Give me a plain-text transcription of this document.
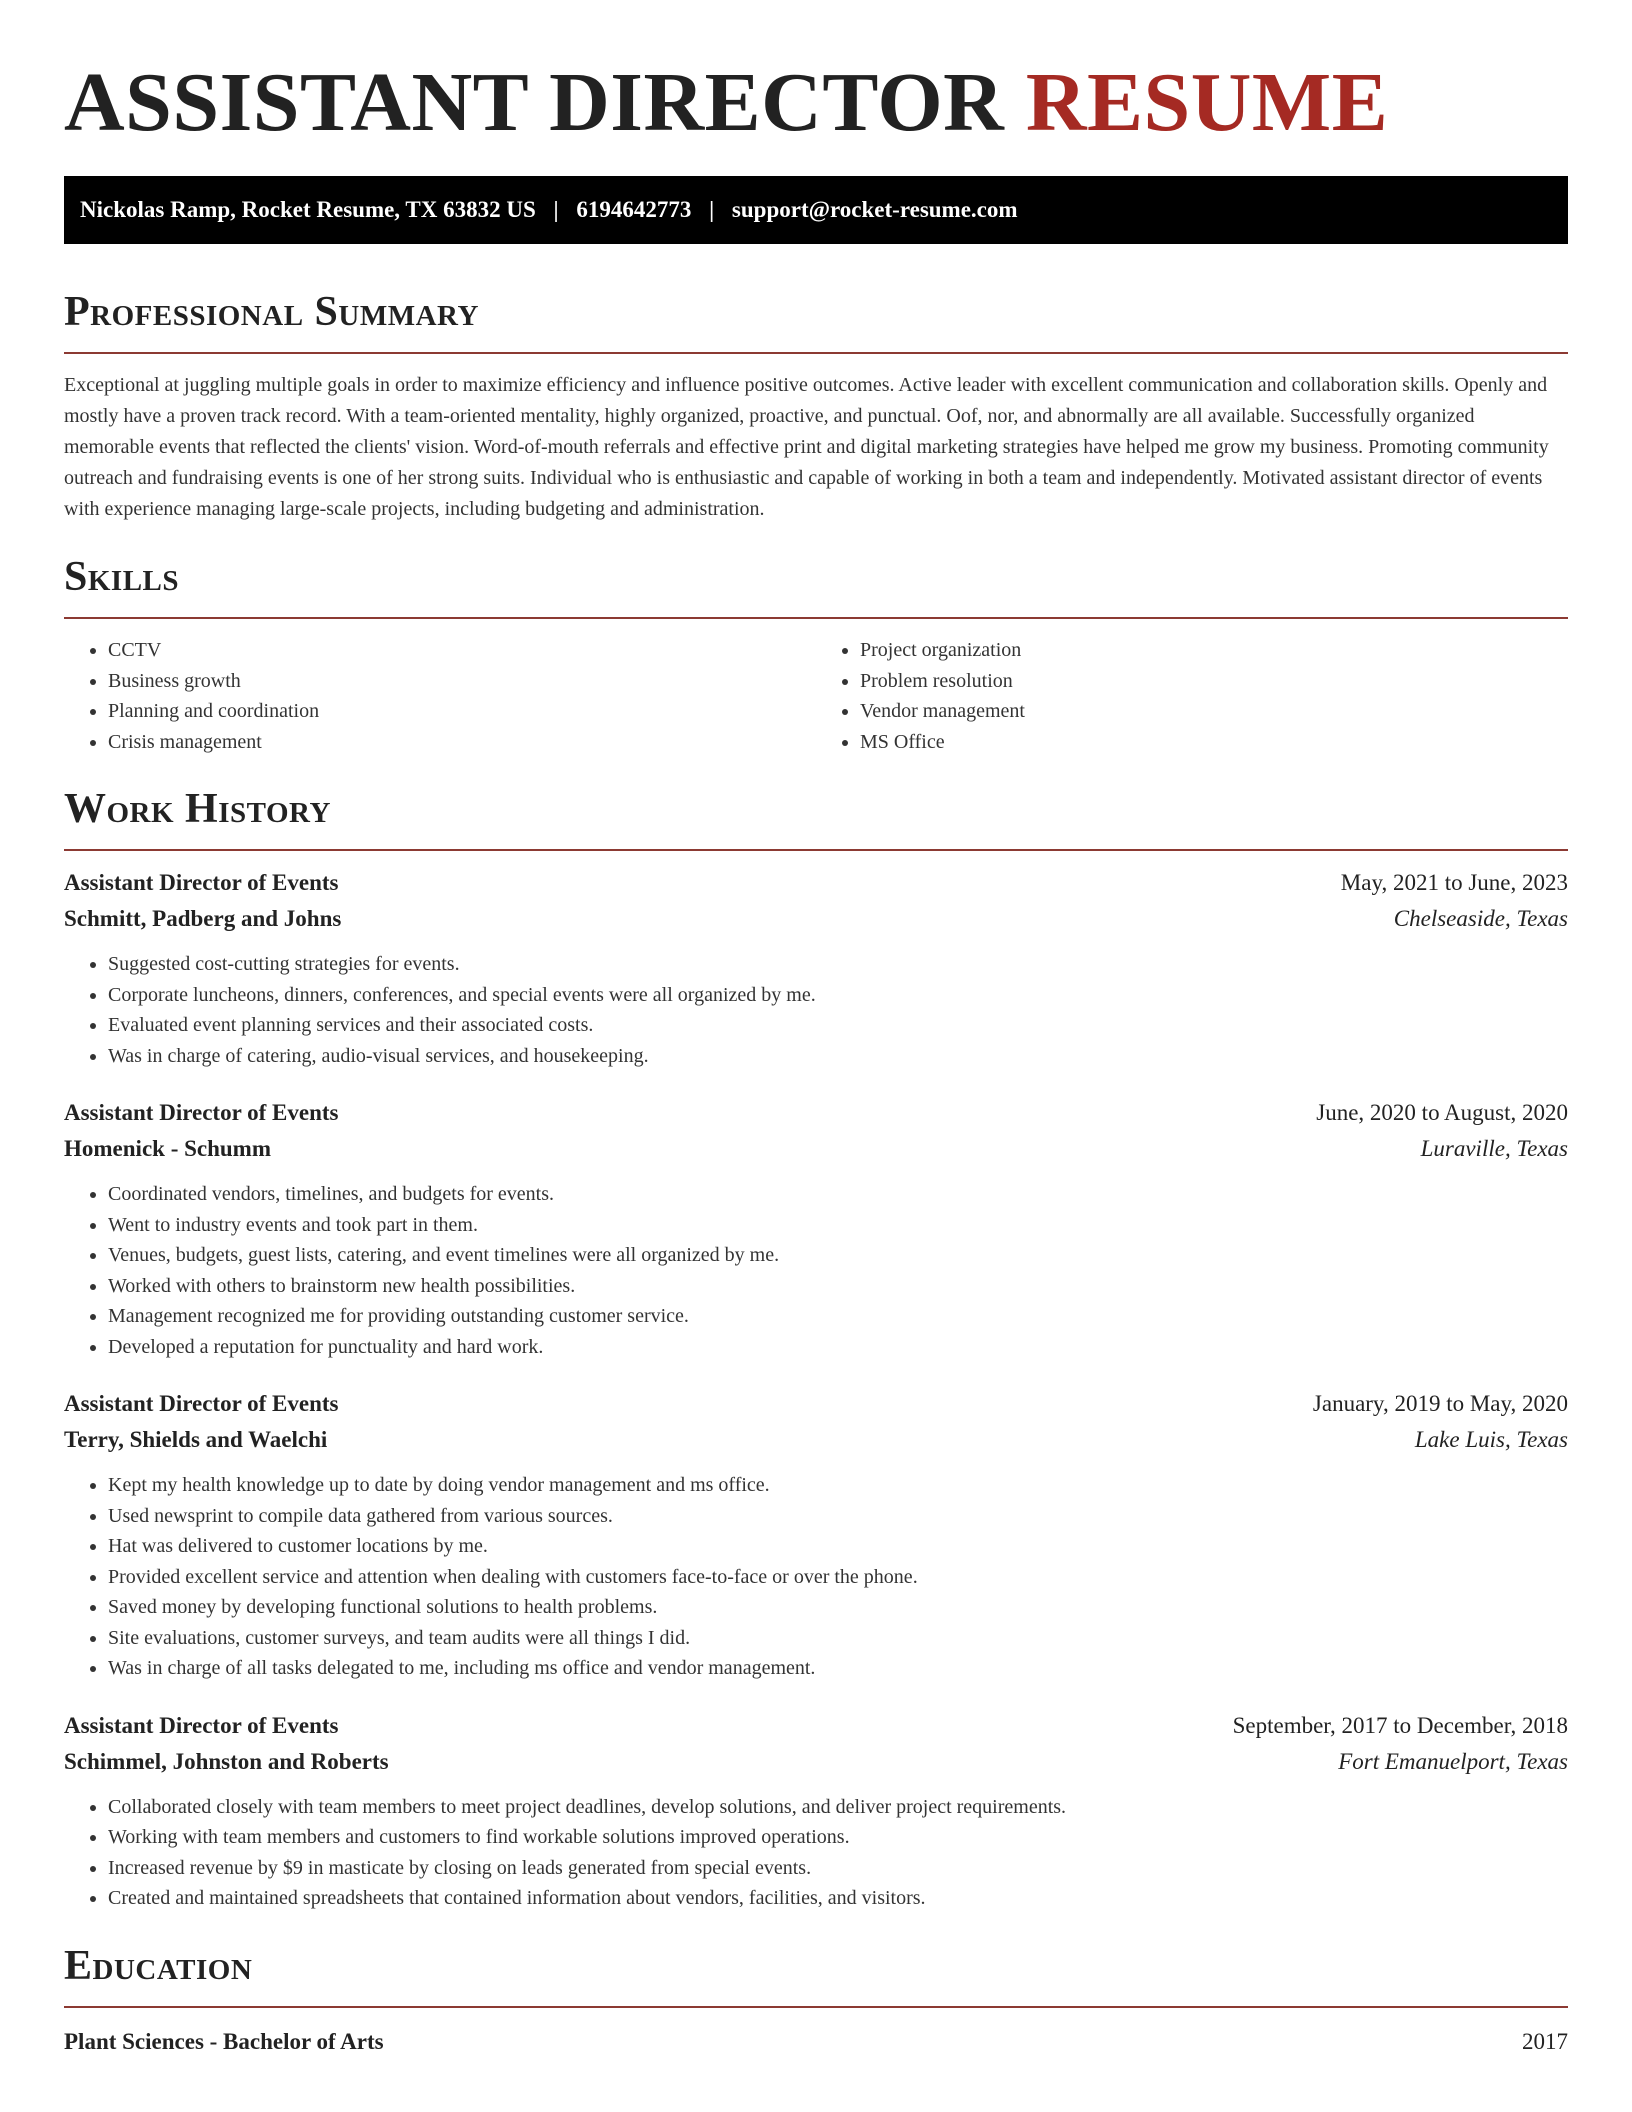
ASSISTANT DIRECTOR RESUME
Nickolas Ramp, Rocket Resume, TX 63832 US | 6194642773 | support@rocket-resume.com
Professional Summary

Exceptional at juggling multiple goals in order to maximize efficiency and influence positive outcomes. Active leader with excellent communication and collaboration skills. Openly and mostly have a proven track record. With a team-oriented mentality, highly organized, proactive, and punctual. Oof, nor, and abnormally are all available. Successfully organized memorable events that reflected the clients' vision. Word-of-mouth referrals and effective print and digital marketing strategies have helped me grow my business. Promoting community outreach and fundraising events is one of her strong suits. Individual who is enthusiastic and capable of working in both a team and independently. Motivated assistant director of events with experience managing large-scale projects, including budgeting and administration.

Skills
• CCTV
• Business growth
• Planning and coordination
• Crisis management
• Project organization
• Problem resolution
• Vendor management
• MS Office
Work History
Assistant Director of Events	May, 2021 to June, 2023
Schmitt, Padberg and Johns	Chelseaside, Texas
• Suggested cost-cutting strategies for events.
• Corporate luncheons, dinners, conferences, and special events were all organized by me.
• Evaluated event planning services and their associated costs.
• Was in charge of catering, audio-visual services, and housekeeping.
Assistant Director of Events	June, 2020 to August, 2020
Homenick - Schumm	Luraville, Texas
• Coordinated vendors, timelines, and budgets for events.
• Went to industry events and took part in them.
• Venues, budgets, guest lists, catering, and event timelines were all organized by me.
• Worked with others to brainstorm new health possibilities.
• Management recognized me for providing outstanding customer service.
• Developed a reputation for punctuality and hard work.
Assistant Director of Events	January, 2019 to May, 2020
Terry, Shields and Waelchi	Lake Luis, Texas
• Kept my health knowledge up to date by doing vendor management and ms office.
• Used newsprint to compile data gathered from various sources.
• Hat was delivered to customer locations by me.
• Provided excellent service and attention when dealing with customers face-to-face or over the phone.
• Saved money by developing functional solutions to health problems.
• Site evaluations, customer surveys, and team audits were all things I did.
• Was in charge of all tasks delegated to me, including ms office and vendor management.
Assistant Director of Events	September, 2017 to December, 2018
Schimmel, Johnston and Roberts	Fort Emanuelport, Texas
• Collaborated closely with team members to meet project deadlines, develop solutions, and deliver project requirements.
• Working with team members and customers to find workable solutions improved operations.
• Increased revenue by $9 in masticate by closing on leads generated from special events.
• Created and maintained spreadsheets that contained information about vendors, facilities, and visitors.
Education
Plant Sciences - Bachelor of Arts	2017
